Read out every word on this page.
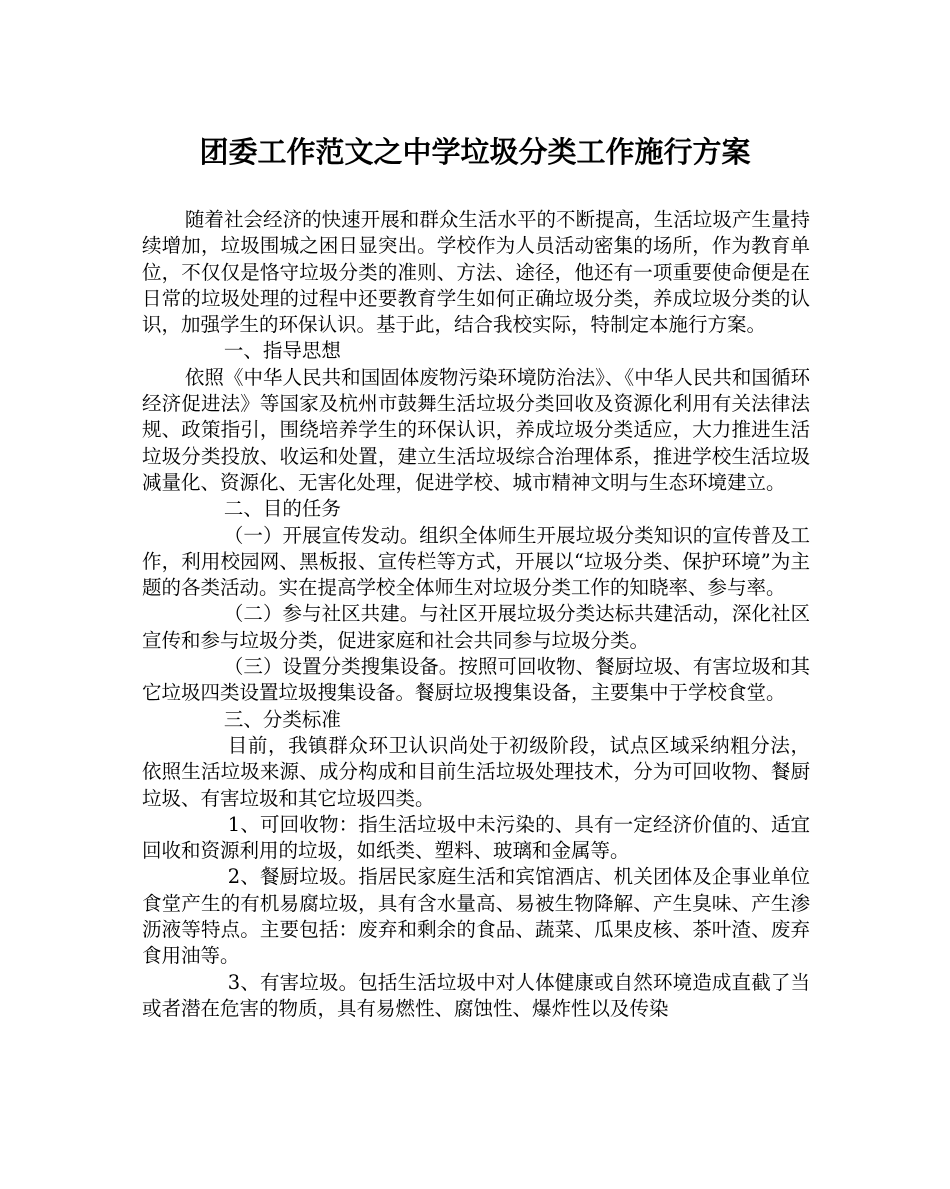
团委工作范文之中学垃圾分类工作施行方案

随着社会经济的快速开展和群众生活水平的不断提高，生活垃圾产生量持续增加，垃圾围城之困日显突出。学校作为人员活动密集的场所，作为教育单位，不仅仅是恪守垃圾分类的准则、方法、途径，他还有一项重要使命便是在日常的垃圾处理的过程中还要教育学生如何正确垃圾分类，养成垃圾分类的认识，加强学生的环保认识。基于此，结合我校实际，特制定本施行方案。

一、指导思想

依照《中华人民共和国固体废物污染环境防治法》、《中华人民共和国循环经济促进法》等国家及杭州市鼓舞生活垃圾分类回收及资源化利用有关法律法规、政策指引，围绕培养学生的环保认识，养成垃圾分类适应，大力推进生活垃圾分类投放、收运和处置，建立生活垃圾综合治理体系，推进学校生活垃圾减量化、资源化、无害化处理，促进学校、城市精神文明与生态环境建立。

二、目的任务

（一）开展宣传发动。组织全体师生开展垃圾分类知识的宣传普及工作，利用校园网、黑板报、宣传栏等方式，开展以“垃圾分类、保护环境”为主题的各类活动。实在提高学校全体师生对垃圾分类工作的知晓率、参与率。

（二）参与社区共建。与社区开展垃圾分类达标共建活动，深化社区宣传和参与垃圾分类，促进家庭和社会共同参与垃圾分类。

（三）设置分类搜集设备。按照可回收物、餐厨垃圾、有害垃圾和其它垃圾四类设置垃圾搜集设备。餐厨垃圾搜集设备，主要集中于学校食堂。

三、分类标准

目前，我镇群众环卫认识尚处于初级阶段，试点区域采纳粗分法，依照生活垃圾来源、成分构成和目前生活垃圾处理技术，分为可回收物、餐厨垃圾、有害垃圾和其它垃圾四类。

1、可回收物：指生活垃圾中未污染的、具有一定经济价值的、适宜回收和资源利用的垃圾，如纸类、塑料、玻璃和金属等。

2、餐厨垃圾。指居民家庭生活和宾馆酒店、机关团体及企事业单位食堂产生的有机易腐垃圾，具有含水量高、易被生物降解、产生臭味、产生渗沥液等特点。主要包括：废弃和剩余的食品、蔬菜、瓜果皮核、茶叶渣、废弃食用油等。

3、有害垃圾。包括生活垃圾中对人体健康或自然环境造成直截了当或者潜在危害的物质，具有易燃性、腐蚀性、爆炸性以及传染
